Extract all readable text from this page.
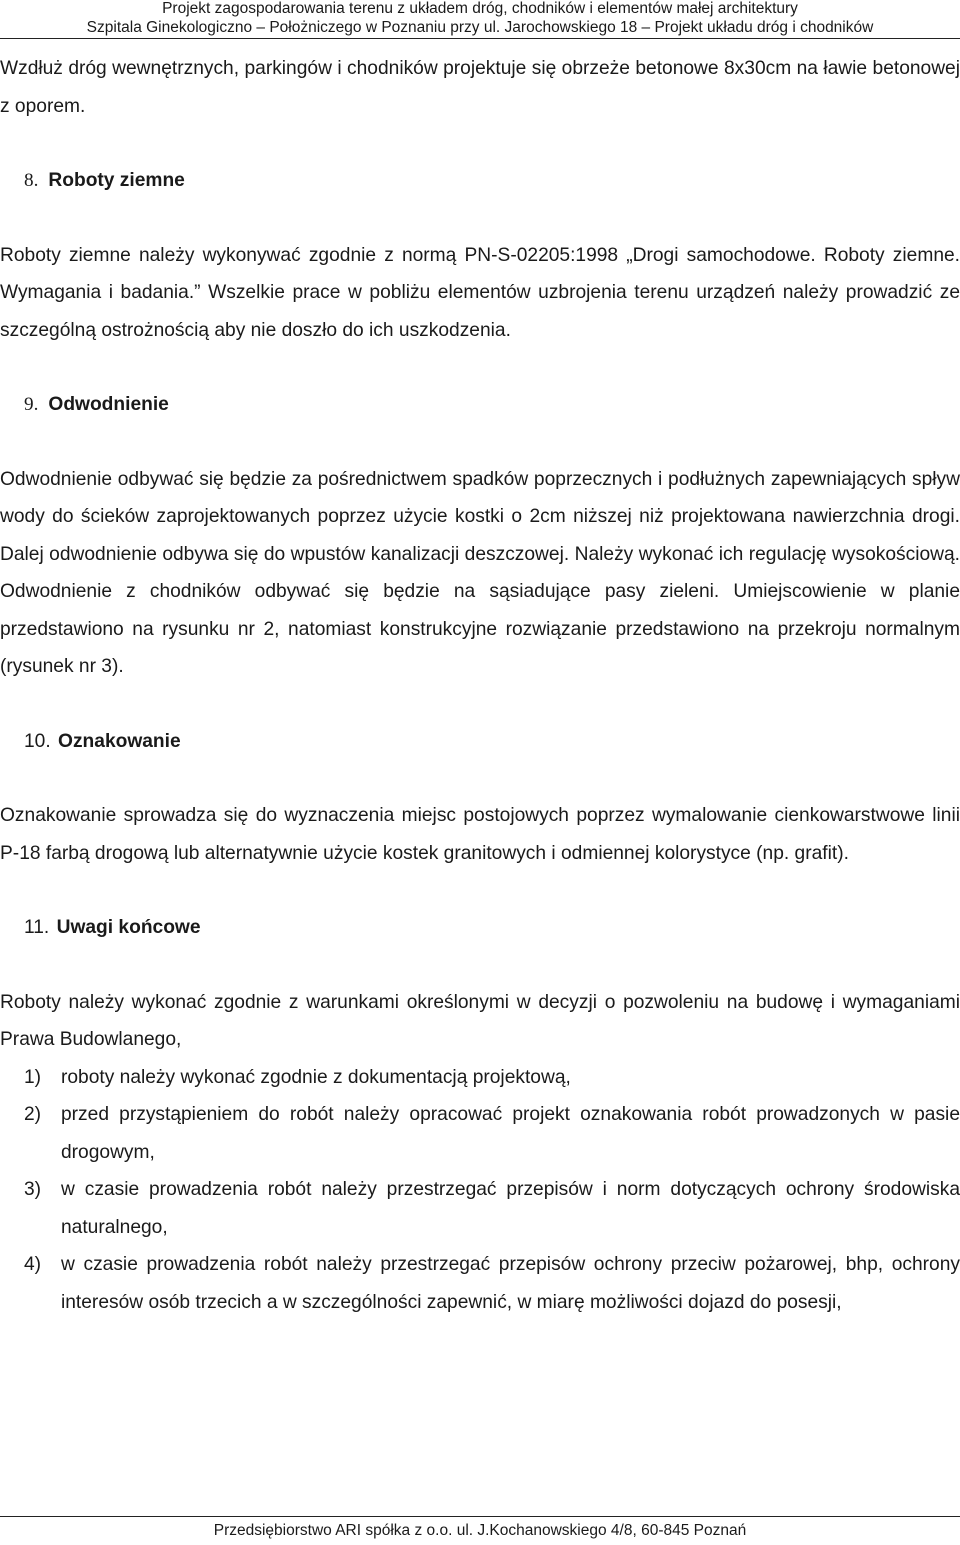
Projekt zagospodarowania terenu z układem dróg, chodników i elementów małej architektury
Szpitala Ginekologiczno – Położniczego w Poznaniu przy ul. Jarochowskiego 18 – Projekt układu dróg i chodników

Wzdłuż dróg wewnętrznych, parkingów i chodników projektuje się obrzeże betonowe 8x30cm na ławie betonowej z oporem.

8. Roboty ziemne

Roboty ziemne należy wykonywać zgodnie z normą PN-S-02205:1998 „Drogi samochodowe. Roboty ziemne. Wymagania i badania.” Wszelkie prace w pobliżu elementów uzbrojenia terenu urządzeń należy prowadzić ze szczególną ostrożnością aby nie doszło do ich uszkodzenia.

9. Odwodnienie

Odwodnienie odbywać się będzie za pośrednictwem spadków poprzecznych i podłużnych zapewniających spływ wody do ścieków zaprojektowanych poprzez użycie kostki o 2cm niższej niż projektowana nawierzchnia drogi. Dalej odwodnienie odbywa się do wpustów kanalizacji deszczowej. Należy wykonać ich regulację wysokościową. Odwodnienie z chodników odbywać się będzie na sąsiadujące pasy zieleni. Umiejscowienie w planie przedstawiono na rysunku nr 2, natomiast konstrukcyjne rozwiązanie przedstawiono na przekroju normalnym (rysunek nr 3).

10. Oznakowanie

Oznakowanie sprowadza się do wyznaczenia miejsc postojowych poprzez wymalowanie cienkowarstwowe linii P-18 farbą drogową lub alternatywnie użycie kostek granitowych i odmiennej kolorystyce (np. grafit).

11. Uwagi końcowe

Roboty należy wykonać zgodnie z warunkami określonymi w decyzji o pozwoleniu na budowę i wymaganiami Prawa Budowlanego,

1)	roboty należy wykonać zgodnie z dokumentacją projektową,
2)	przed przystąpieniem do robót należy opracować projekt oznakowania robót prowadzonych w pasie drogowym,
3)	w czasie prowadzenia robót należy przestrzegać przepisów i norm dotyczących ochrony środowiska naturalnego,
4)	w czasie prowadzenia robót należy przestrzegać przepisów ochrony przeciw pożarowej, bhp, ochrony interesów osób trzecich a w szczególności zapewnić, w miarę możliwości dojazd do posesji,
Przedsiębiorstwo ARI spółka z o.o. ul. J.Kochanowskiego 4/8, 60-845 Poznań
